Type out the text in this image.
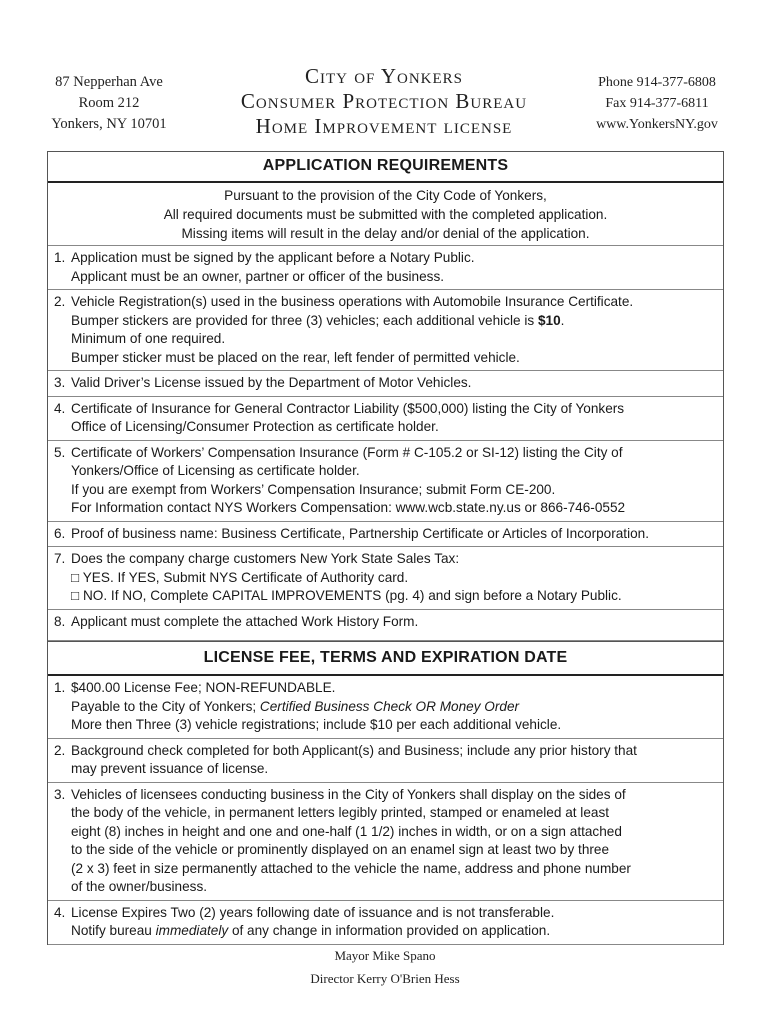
87 Nepperhan Ave
Room 212
Yonkers, NY 10701
City of Yonkers
Consumer Protection Bureau
Home Improvement license
Phone 914-377-6808
Fax 914-377-6811
www.YonkersNY.gov
APPLICATION REQUIREMENTS
Pursuant to the provision of the City Code of Yonkers,
All required documents must be submitted with the completed application.
Missing items will result in the delay and/or denial of the application.
1. Application must be signed by the applicant before a Notary Public.
Applicant must be an owner, partner or officer of the business.
2. Vehicle Registration(s) used in the business operations with Automobile Insurance Certificate.
Bumper stickers are provided for three (3) vehicles; each additional vehicle is $10.
Minimum of one required.
Bumper sticker must be placed on the rear, left fender of permitted vehicle.
3. Valid Driver’s License issued by the Department of Motor Vehicles.
4. Certificate of Insurance for General Contractor Liability ($500,000) listing the City of Yonkers
Office of Licensing/Consumer Protection as certificate holder.
5. Certificate of Workers’ Compensation Insurance (Form # C-105.2 or SI-12) listing the City of
Yonkers/Office of Licensing as certificate holder.
If you are exempt from Workers’ Compensation Insurance; submit Form CE-200.
For Information contact NYS Workers Compensation: www.wcb.state.ny.us or 866-746-0552
6. Proof of business name: Business Certificate, Partnership Certificate or Articles of Incorporation.
7. Does the company charge customers New York State Sales Tax:
□ YES. If YES, Submit NYS Certificate of Authority card.
□ NO. If NO, Complete CAPITAL IMPROVEMENTS (pg. 4) and sign before a Notary Public.
8. Applicant must complete the attached Work History Form.
LICENSE FEE, TERMS AND EXPIRATION DATE
1. $400.00 License Fee; NON-REFUNDABLE.
Payable to the City of Yonkers; Certified Business Check OR Money Order
More then Three (3) vehicle registrations; include $10 per each additional vehicle.
2. Background check completed for both Applicant(s) and Business; include any prior history that
may prevent issuance of license.
3. Vehicles of licensees conducting business in the City of Yonkers shall display on the sides of
the body of the vehicle, in permanent letters legibly printed, stamped or enameled at least
eight (8) inches in height and one and one-half (1 1/2) inches in width, or on a sign attached
to the side of the vehicle or prominently displayed on an enamel sign at least two by three
(2 x 3) feet in size permanently attached to the vehicle the name, address and phone number
of the owner/business.
4. License Expires Two (2) years following date of issuance and is not transferable.
Notify bureau immediately of any change in information provided on application.
Mayor Mike Spano
Director Kerry O'Brien Hess
